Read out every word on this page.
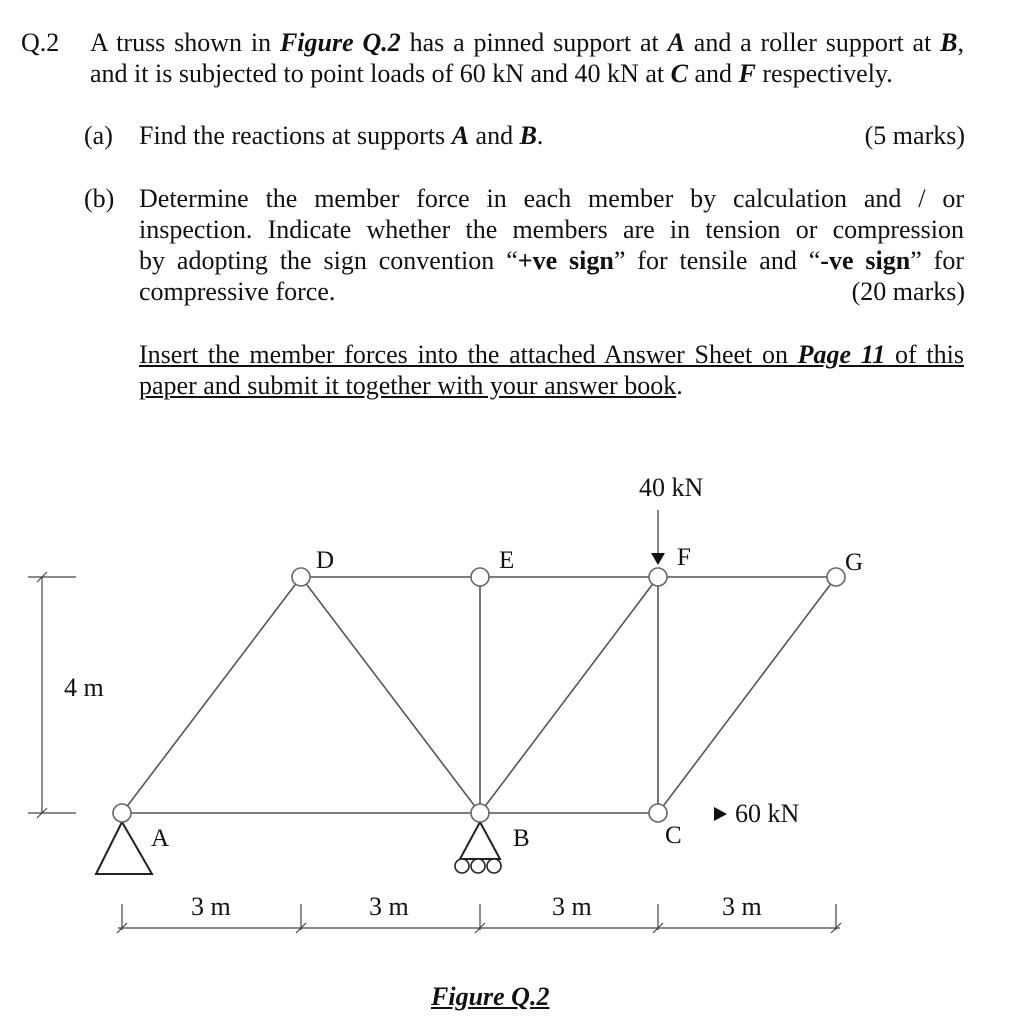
Q.2 A truss shown in Figure Q.2 has a pinned support at A and a roller support at B,
and it is subjected to point loads of 60 kN and 40 kN at C and F respectively.
(a) Find the reactions at supports A and B.	(5 marks)
(b) Determine the member force in each member by calculation and / or
inspection. Indicate whether the members are in tension or compression
by adopting the sign convention “+ve sign” for tensile and “-ve sign” for
compressive force.	(20 marks)
Insert the member forces into the attached Answer Sheet on Page 11 of this
paper and submit it together with your answer book.
A	B	C
D	E	F	G
40 kN
60 kN
4 m
3 m	3 m	3 m	3 m
Figure Q.2
